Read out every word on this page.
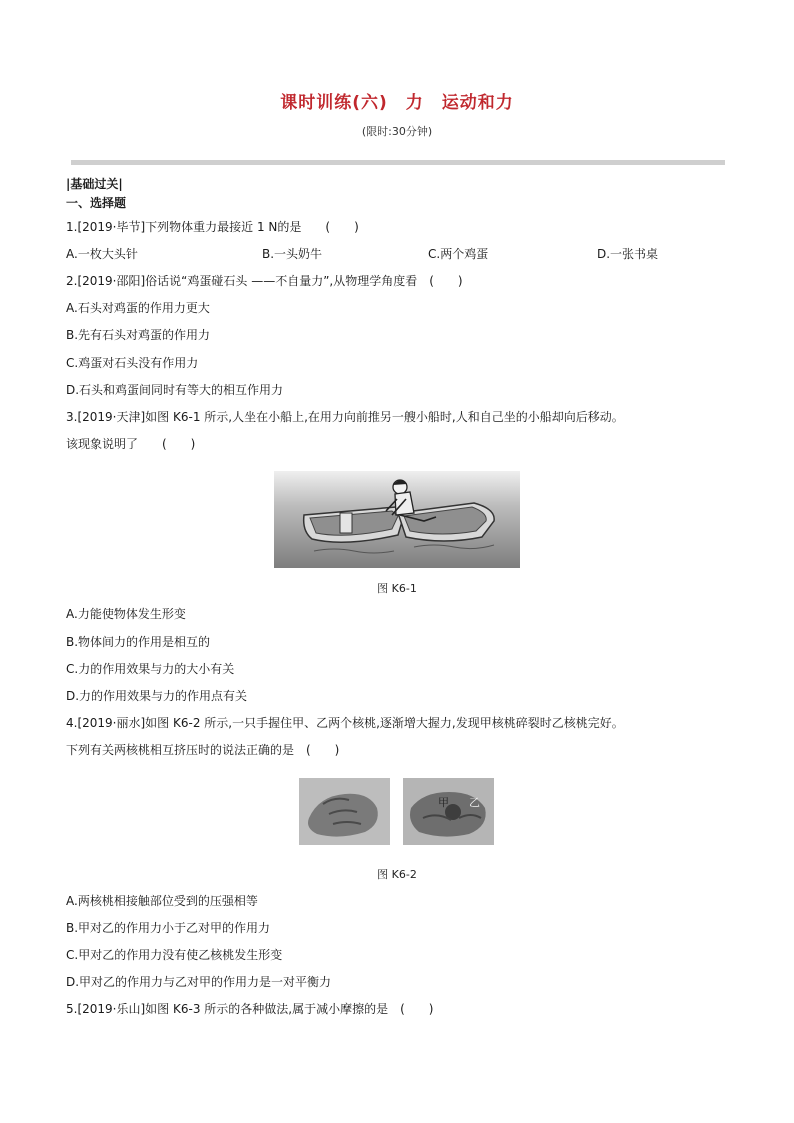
课时训练(六)　力　运动和力
(限时:30分钟)
|基础过关|
一、选择题
1.[2019·毕节]下列物体重力最接近 1 N的是　　(　　)
A.一枚大头针	B.一头奶牛	C.两个鸡蛋	D.一张书桌
2.[2019·邵阳]俗话说“鸡蛋碰石头 ——不自量力”,从物理学角度看　(　　)
A.石头对鸡蛋的作用力更大
B.先有石头对鸡蛋的作用力
C.鸡蛋对石头没有作用力
D.石头和鸡蛋间同时有等大的相互作用力
3.[2019·天津]如图 K6-1 所示,人坐在小船上,在用力向前推另一艘小船时,人和自己坐的小船却向后移动。
该现象说明了　　(　　)
图 K6-1
A.力能使物体发生形变
B.物体间力的作用是相互的
C.力的作用效果与力的大小有关
D.力的作用效果与力的作用点有关
4.[2019·丽水]如图 K6-2 所示,一只手握住甲、乙两个核桃,逐渐增大握力,发现甲核桃碎裂时乙核桃完好。
下列有关两核桃相互挤压时的说法正确的是　(　　)
甲 乙
图 K6-2
A.两核桃相接触部位受到的压强相等
B.甲对乙的作用力小于乙对甲的作用力
C.甲对乙的作用力没有使乙核桃发生形变
D.甲对乙的作用力与乙对甲的作用力是一对平衡力
5.[2019·乐山]如图 K6-3 所示的各种做法,属于减小摩擦的是　(　　)
